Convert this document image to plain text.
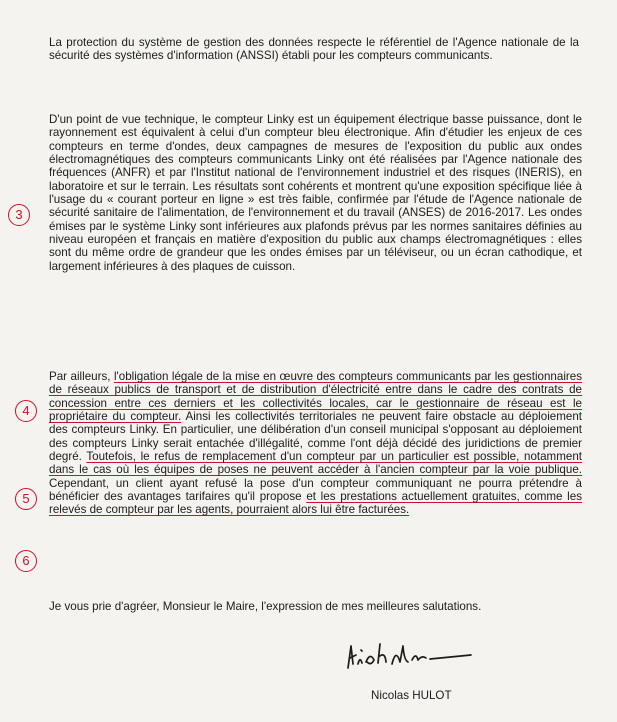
La protection du système de gestion des données respecte le référentiel de l'Agence nationale de la sécurité des systèmes d'information (ANSSI) établi pour les compteurs communicants.

D'un point de vue technique, le compteur Linky est un équipement électrique basse puissance, dont le rayonnement est équivalent à celui d'un compteur bleu électronique. Afin d'étudier les enjeux de ces compteurs en terme d'ondes, deux campagnes de mesures de l'exposition du public aux ondes électromagnétiques des compteurs communicants Linky ont été réalisées par l'Agence nationale des fréquences (ANFR) et par l'Institut national de l'environnement industriel et des risques (INERIS), en laboratoire et sur le terrain. Les résultats sont cohérents et montrent qu'une exposition spécifique liée à l'usage du « courant porteur en ligne » est très faible, confirmée par l'étude de l'Agence nationale de sécurité sanitaire de l'alimentation, de l'environnement et du travail (ANSES) de 2016-2017. Les ondes émises par le système Linky sont inférieures aux plafonds prévus par les normes sanitaires définies au niveau européen et français en matière d'exposition du public aux champs électromagnétiques : elles sont du même ordre de grandeur que les ondes émises par un téléviseur, ou un écran cathodique, et largement inférieures à des plaques de cuisson.

Par ailleurs, l'obligation légale de la mise en œuvre des compteurs communicants par les gestionnaires de réseaux publics de transport et de distribution d'électricité entre dans le cadre des contrats de concession entre ces derniers et les collectivités locales, car le gestionnaire de réseau est le propriétaire du compteur. Ainsi les collectivités territoriales ne peuvent faire obstacle au déploiement des compteurs Linky. En particulier, une délibération d'un conseil municipal s'opposant au déploiement des compteurs Linky serait entachée d'illégalité, comme l'ont déjà décidé des juridictions de premier degré. Toutefois, le refus de remplacement d'un compteur par un particulier est possible, notamment dans le cas où les équipes de poses ne peuvent accéder à l'ancien compteur par la voie publique. Cependant, un client ayant refusé la pose d'un compteur communiquant ne pourra prétendre à bénéficier des avantages tarifaires qu'il propose et les prestations actuellement gratuites, comme les relevés de compteur par les agents, pourraient alors lui être facturées.

Je vous prie d'agréer, Monsieur le Maire, l'expression de mes meilleures salutations.

3
4
5
6
Nicolas HULOT
